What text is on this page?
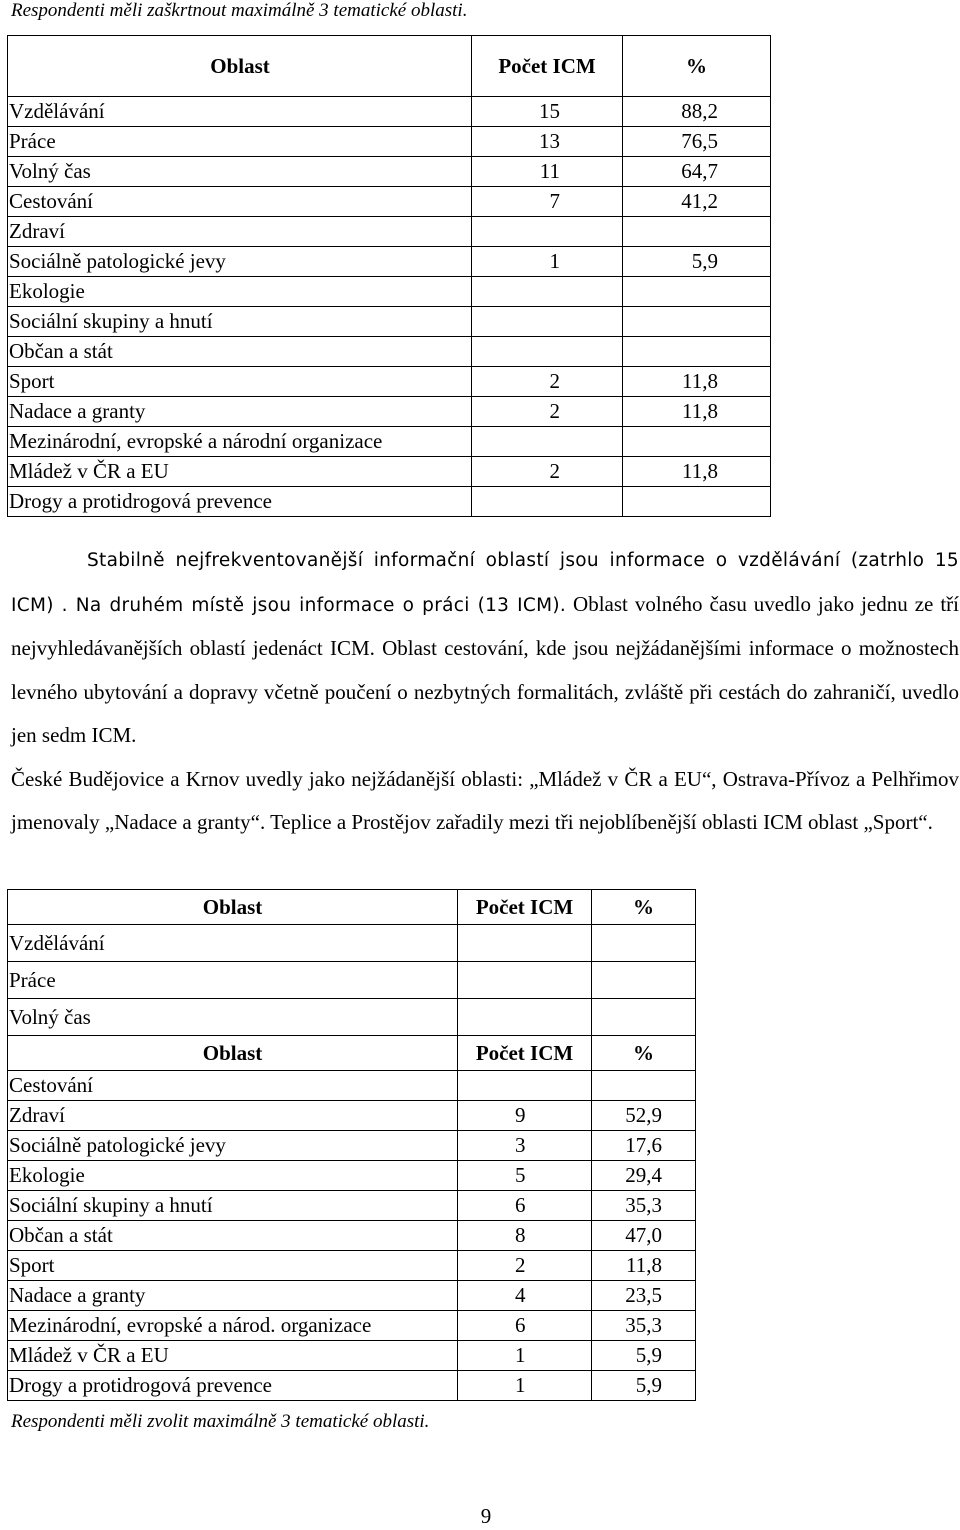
Respondenti měli zaškrtnout maximálně 3 tematické oblasti.
Oblast	Počet ICM	%
Vzdělávání	15	88,2
Práce	13	76,5
Volný čas	11	64,7
Cestování	7	41,2
Zdraví		
Sociálně patologické jevy	1	5,9
Ekologie		
Sociální skupiny a hnutí		
Občan a stát		
Sport	2	11,8
Nadace a granty	2	11,8
Mezinárodní, evropské a národní organizace		
Mládež v ČR a EU	2	11,8
Drogy a protidrogová prevence		

Stabilně nejfrekventovanější informační oblastí jsou informace o vzdělávání (zatrhlo 15 ICM) . Na druhém místě jsou informace o práci (13 ICM). Oblast volného času uvedlo jako jednu ze tří nejvyhledávanějších oblastí jedenáct ICM. Oblast cestování, kde jsou nejžádanějšími informace o možnostech levného ubytování a dopravy včetně poučení o nezbytných formalitách, zvláště při cestách do zahraničí, uvedlo jen sedm ICM.

České Budějovice a Krnov uvedly jako nejžádanější oblasti: „Mládež v ČR a EU“, Ostrava-Přívoz a Pelhřimov jmenovaly „Nadace a granty“. Teplice a Prostějov zařadily mezi tři nejoblíbenější oblasti ICM oblast „Sport“.

Oblast	Počet ICM	%
Vzdělávání		
Práce		
Volný čas		
Oblast	Počet ICM	%
Cestování		
Zdraví	9	52,9
Sociálně patologické jevy	3	17,6
Ekologie	5	29,4
Sociální skupiny a hnutí	6	35,3
Občan a stát	8	47,0
Sport	2	11,8
Nadace a granty	4	23,5
Mezinárodní, evropské a národ. organizace	6	35,3
Mládež v ČR a EU	1	5,9
Drogy a protidrogová prevence	1	5,9
Respondenti měli zvolit maximálně 3 tematické oblasti.
9
